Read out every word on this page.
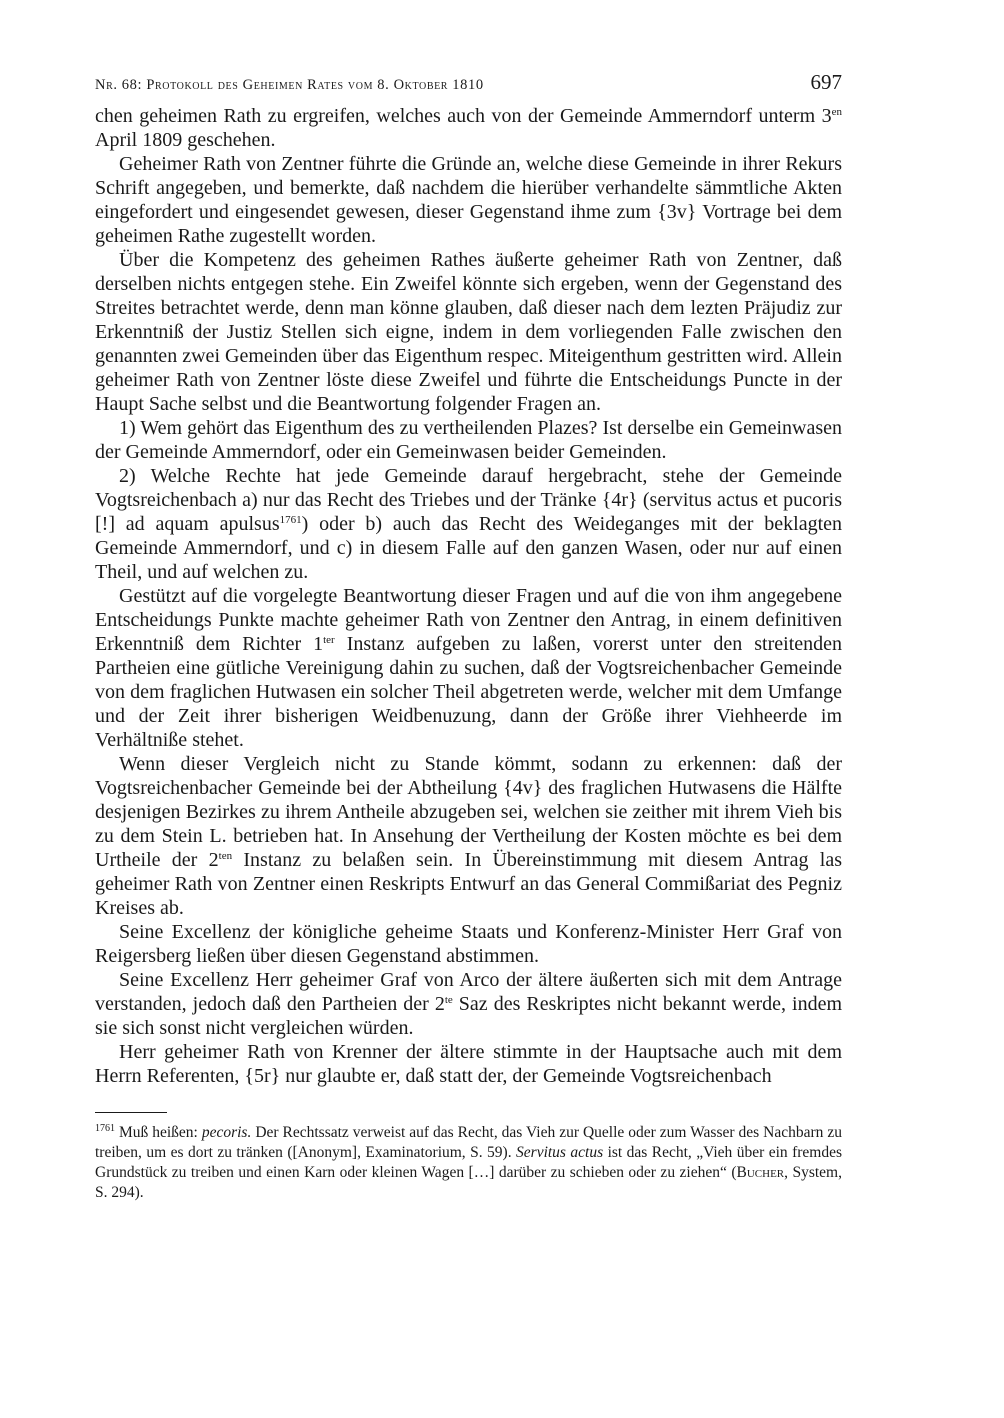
Nr. 68: Protokoll des Geheimen Rates vom 8. Oktober 1810	697

chen geheimen Rath zu ergreifen, welches auch von der Gemeinde Ammerndorf unterm $3^{en}$ April 1809 geschehen.

Geheimer Rath von Zentner führte die Gründe an, welche diese Gemeinde in ihrer Rekurs Schrift angegeben, und bemerkte, daß nachdem die hierüber verhandelte sämmtliche Akten eingefordert und eingesendet gewesen, dieser Gegenstand ihme zum {3v} Vortrage bei dem geheimen Rathe zugestellt worden.

Über die Kompetenz des geheimen Rathes äußerte geheimer Rath von Zentner, daß derselben nichts entgegen stehe. Ein Zweifel könnte sich ergeben, wenn der Gegenstand des Streites betrachtet werde, denn man könne glauben, daß dieser nach dem lezten Präjudiz zur Erkenntniß der Justiz Stellen sich eigne, indem in dem vorliegenden Falle zwischen den genannten zwei Gemeinden über das Eigenthum respec. Miteigenthum gestritten wird. Allein geheimer Rath von Zentner löste diese Zweifel und führte die Entscheidungs Puncte in der Haupt Sache selbst und die Beantwortung folgender Fragen an.

1) Wem gehört das Eigenthum des zu vertheilenden Plazes? Ist derselbe ein Gemeinwasen der Gemeinde Ammerndorf, oder ein Gemeinwasen beider Gemeinden.

2) Welche Rechte hat jede Gemeinde darauf hergebracht, stehe der Gemeinde Vogtsreichenbach a) nur das Recht des Triebes und der Tränke {4r} (servitus actus et pucoris [!] ad aquam apulsus$^{1761}$) oder b) auch das Recht des Weideganges mit der beklagten Gemeinde Ammerndorf, und c) in diesem Falle auf den ganzen Wasen, oder nur auf einen Theil, und auf welchen zu.

Gestützt auf die vorgelegte Beantwortung dieser Fragen und auf die von ihm angegebene Entscheidungs Punkte machte geheimer Rath von Zentner den Antrag, in einem definitiven Erkenntniß dem Richter $1^{ter}$ Instanz aufgeben zu laßen, vorerst unter den streitenden Partheien eine gütliche Vereinigung dahin zu suchen, daß der Vogtsreichenbacher Gemeinde von dem fraglichen Hutwasen ein solcher Theil abgetreten werde, welcher mit dem Umfange und der Zeit ihrer bisherigen Weidbenuzung, dann der Größe ihrer Viehheerde im Verhältniße stehet.

Wenn dieser Vergleich nicht zu Stande kömmt, sodann zu erkennen: daß der Vogtsreichenbacher Gemeinde bei der Abtheilung {4v} des fraglichen Hutwasens die Hälfte desjenigen Bezirkes zu ihrem Antheile abzugeben sei, welchen sie zeither mit ihrem Vieh bis zu dem Stein L. betrieben hat. In Ansehung der Vertheilung der Kosten möchte es bei dem Urtheile der $2^{ten}$ Instanz zu belaßen sein. In Übereinstimmung mit diesem Antrag las geheimer Rath von Zentner einen Reskripts Entwurf an das General Commißariat des Pegniz Kreises ab.

Seine Excellenz der königliche geheime Staats und Konferenz-Minister Herr Graf von Reigersberg ließen über diesen Gegenstand abstimmen.

Seine Excellenz Herr geheimer Graf von Arco der ältere äußerten sich mit dem Antrage verstanden, jedoch daß den Partheien der $2^{te}$ Saz des Reskriptes nicht bekannt werde, indem sie sich sonst nicht vergleichen würden.

Herr geheimer Rath von Krenner der ältere stimmte in der Hauptsache auch mit dem Herrn Referenten, {5r} nur glaubte er, daß statt der, der Gemeinde Vogtsreichenbach

$^{1761}$ Muß heißen: pecoris. Der Rechtssatz verweist auf das Recht, das Vieh zur Quelle oder zum Wasser des Nachbarn zu treiben, um es dort zu tränken ([Anonym], Examinatorium, S. 59). Servitus actus ist das Recht, „Vieh über ein fremdes Grundstück zu treiben und einen Karn oder kleinen Wagen […] darüber zu schieben oder zu ziehen“ (Bucher, System, S. 294).
